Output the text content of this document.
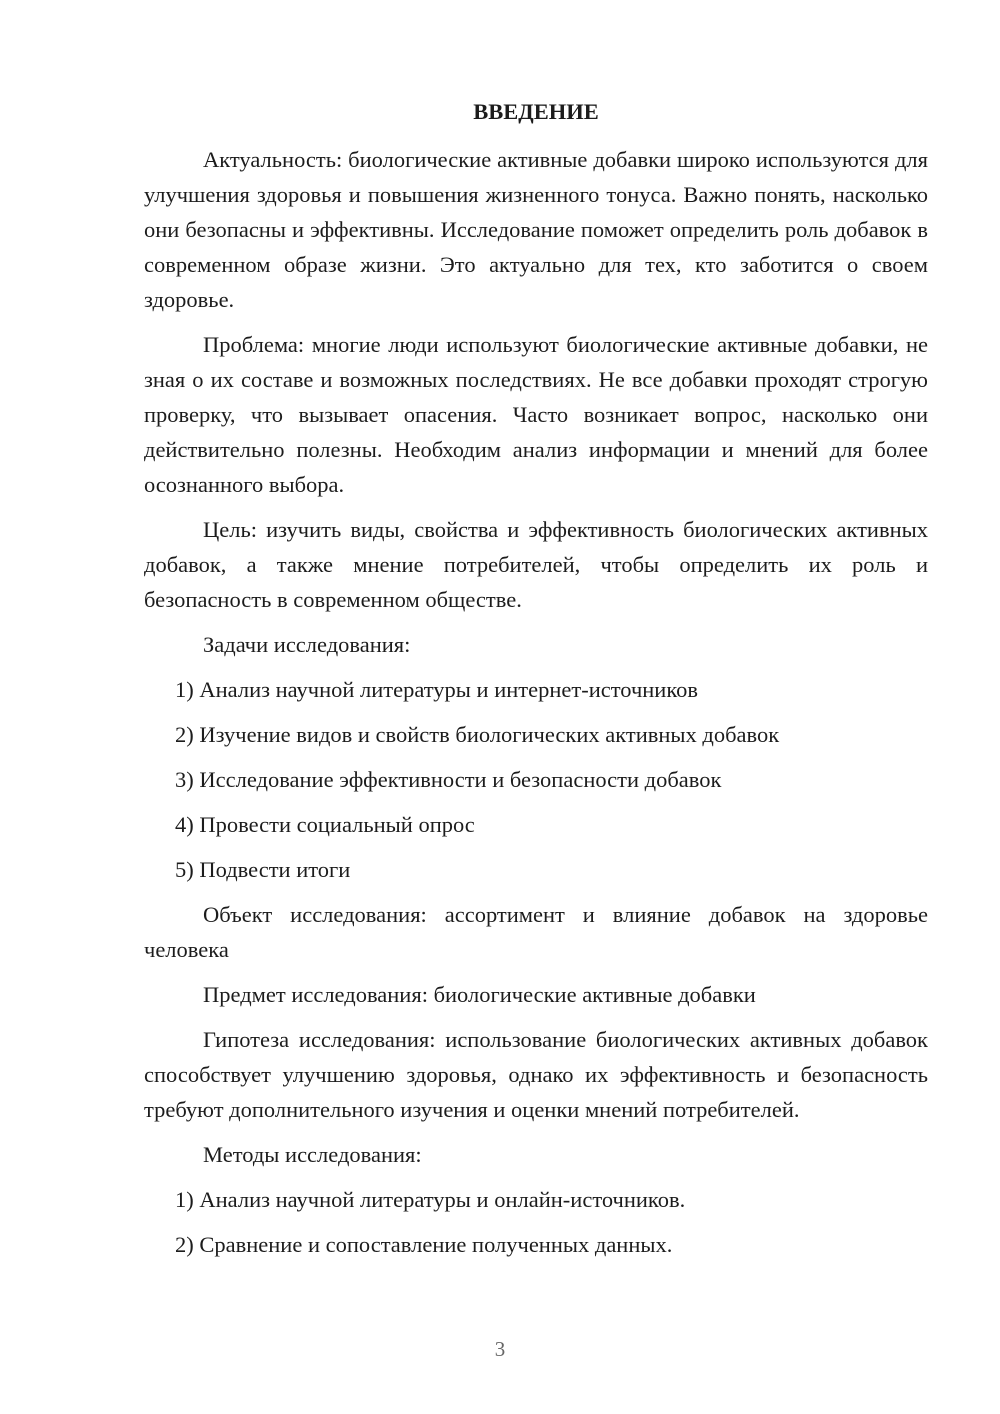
ВВЕДЕНИЕ

Актуальность: биологические активные добавки широко используются для улучшения здоровья и повышения жизненного тонуса. Важно понять, насколько они безопасны и эффективны. Исследование поможет определить роль добавок в современном образе жизни. Это актуально для тех, кто заботится о своем здоровье.

Проблема: многие люди используют биологические активные добавки, не зная о их составе и возможных последствиях. Не все добавки проходят строгую проверку, что вызывает опасения. Часто возникает вопрос, насколько они действительно полезны. Необходим анализ информации и мнений для более осознанного выбора.

Цель: изучить виды, свойства и эффективность биологических активных добавок, а также мнение потребителей, чтобы определить их роль и безопасность в современном обществе.

Задачи исследования:

1) Анализ научной литературы и интернет-источников

2) Изучение видов и свойств биологических активных добавок

3) Исследование эффективности и безопасности добавок

4) Провести социальный опрос

5) Подвести итоги

Объект исследования: ассортимент и влияние добавок на здоровье человека

Предмет исследования: биологические активные добавки

Гипотеза исследования: использование биологических активных добавок способствует улучшению здоровья, однако их эффективность и безопасность требуют дополнительного изучения и оценки мнений потребителей.

Методы исследования:

1) Анализ научной литературы и онлайн-источников.

2) Сравнение и сопоставление полученных данных.

3
